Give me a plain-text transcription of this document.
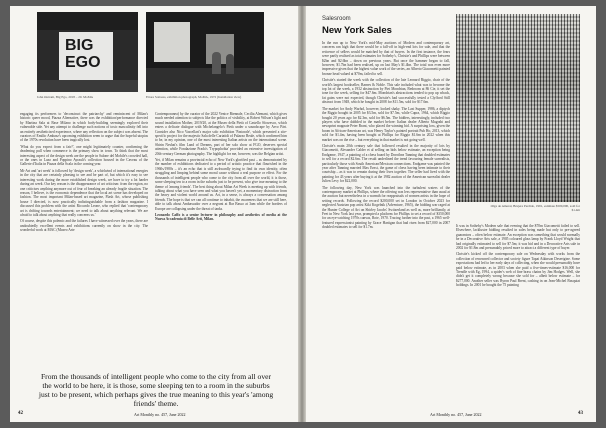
BIG
EGO
John Outram, Big Ego, 2018 – 20. MoMA	Ettore Sottsass, exhibition photograph, MoMA, 1972 (Installation view)

engaging its performers to 'deconstruct the patriarchy' and reminiscent of Milan's historic queer mood, Piazza Alternative, there was the exhibition/performance directed by Martina Sala at Base Milano in which body-building seemingly explored their vulnerable side. Yet any attempt to challenge such notions of toxic masculinity fell into an entirely aestheticised experience, where any reflection on the subject was absent. The curators of Emilio Ambasz's upcoming exhibition seem to argue that the hopeful utopias of the 1970s revolution have been tragically lost.

'What do you expect from a fair?', one might legitimately counter, confirming the deadening pull when commerce is the primary show in town. To think that the most interesting aspect of the design week are the people in Salone del Mobile's crowded hall, or the ones in Lazo and Poppino Ayrault's collection housed in the Caveau of the Gallerie d'Italia in Piazza della Scala in the coming year.

Mi-Art and 'art week' is followed by 'design week', a whirlwind of international energies in the city that are certainly pleasing to see and be part of, but which it's easy to see interesting work during the more established design week, we have to try a lot harder during art week. Our key reason is the disappearance of art criticism: from the region, no one criticises anything anymore out of fear of breaking an already fragile situation. The reason, I believe, is the economic dependence that the local art scene has developed on fashion. The most important Milan-based art magazine, Flash Art, whose publishing house I directed, is now practically indistinguishable from a fashion magazine. I discussed this problem with the artist Riccardo Leone, who replied that 'contemporary art is drifting towards entertainment; we need to talk about anything relevant. We are afraid to talk about anything that really concerns us.'

Of course, despite this polemic and the failures I have witnessed over the years, there are undoubtedly excellent events and exhibitions currently on show in the city. The wonderful work at MAC (Museo Arte

Contemporanea) by the curator of the 2022 Venice Biennale, Cecilia Alemani, which gives much needed attention to subjects like the politics of visibility, at Robert Wilson's light and sound installation Mother, 2019/20, at the Museo della Pietà of Castello Sforzesco, which enters a delicate dialogue with Michelangelo's Pietà under a soundscape by Arvo Pärt. Consider also Nico Vascellari's major solo exhibition 'Pastorale', which presented a site-specific project for the majestic Sala delle Cariatidi of Palazzo Reale, which confirmed him to be, in my opinion, one of the most interesting Italian artists on the international scene. Shirin Neshat's film Land of Dreams, part of her solo show at FGO, deserves special attention, while Fondazione Prada's 'Trypophobia' provided an extensive investigation of 20th-century German photography. The highlight for me, however, was the Belgian artist.

Yet, if Milan remains a provincial echo of New York's glorified past – as demonstrated by the number of exhibitions dedicated to a period of artistic practice that flourished in the 1960s/1980s – it's an echo that is still awkwardly trying to find its own identity, often struggling and limping behind some moral cause without a real purpose or effect. For the thousands of intelligent people who come to the city from all over the world, it is those, some sleeping ten to a room in the suburbs just to be present, who give true meaning to the theme of 'among friends'. The best thing about Milan Art Week is meeting up with friends, talking about what you have seen and what you haven't yet, a momentary distraction from the heavy and violent world around us. Art, in a sense, is always a conversation among friends. The hope is that we can all continue to inhabit, the awareness that we are still here, able to talk about Ambassador over a negroni at Bar Basso at 3am while the borders of Europe are collapsing under the threat of tanks.

Leonardo Caffo is a senior lecturer in philosophy and aesthetics of media at the Nuova Accademia di Belle Arti, Milan.

From the thousands of intelligent people who come to the city from all over the world to be here, it is those, some sleeping ten to a room in the suburbs just to be present, which perhaps gives the true meaning to this year's 'among friends' theme.
42	Art Monthly no. 457, June 2022
Salesroom
New York Sales

In the run up to New York's mid-May auctions of Modern and contemporary art, concerns ran high that there would be a fall-off in high-end lots for sale, and that the reticence of sellers would be matched by that of buyers. In the first instance, the fears were partly realised as total estimates for Sotheby's, Christie's and Phillips were between $2bn and $2.6bn – down on previous years. But once the hammer began to fall, however, $1.7bn had been realised, up on last May's $1.4bn. The total was even more impressive given that the highest value work of the series, an Alberto Giacometti painted bronze head valued at $70m, failed to sell.

Christie's started the week with the collection of the late Leonard Riggio, chair of the world's largest bookseller, Barnes & Noble. This sale included what was to become the top lot of the week, a 1932 abstraction by Piet Mondrian, Bedroom at 86 Cie, it set the tone for the week, selling for $47.6m. Mondrian's abstractions tended to pop up whack, fat gains were not expected, though Christie's had successfully tested a Clyfford Still abstract from 1948, which he bought in 2008 for $11.5m, sold for $17.6m.

The market for Andy Warhol, however, looked shaky. The Last Supper, 1986, a diptych the Riggio bought in 2005 for $3.5m, sold for $7.5m, while Capra, 1964, which Riggio bought 20 years ago for $2.3m, sold for $6.5m. The bidders, interestingly, included two players who have dabbled in the market before: Italian dealer Alberto Mugrabi and newsprint magnate Peter Brant, who placed the winning bid. A surprising loss, given the boom in African-American art, was Henry Taylor's painted portrait Pub Ho, 2013, which sold for $1.4m, having been bought at Phillips for Riggio $1.6m in 2022 when this market was on the rise – but everything in that market is not going well.

Christie's main 20th century sale that followed resulted in the majority of lots by Giacometti, Alexander Calder et al selling on bids below estimate, an exception being Endgame, 1947, a painting of a chess board by Dorothea Tanning that doubled estimates to sell for a record $2.6m. The result underlined the trend favouring female surrealists, particularly those with South American/Mexican connections. Endgame was painted the year after Tanning married Max Ernst, the game of chess having been intimate to their courtship – as it was to remain during their lives together. The seller had lived with the painting for 43 years after buying it at the 1982 auction of the American surrealist dealer Julien Levy for $22,000.

The following day, New York was launched into the turbulent waters of the contemporary market at Phillips, where the offering was less representative than usual at the auction but nevertheless in a warmth for reappraisals of women artists in the hope of setting records. Following the record $200,000 set in London in October 2023 for neglected Austrian pop artist Kiki Kogelnik (Adventure, 1965), the bidding war raged at the Hunter College of Art on Shirley Jacobs' Switzerland as well as, more brilliantly, at Feet in New York last year, prompted a platform for Phillips to set a record of $350,000 for an eye-catching 1970s canvas, Rote, 1970. Tracing further into the past, a 1965 well-featured expressionist painting by Grace Hartigan that had risen from $27,000 in 2007 doubled estimates to sell for $1.7m.

Olga de Amaral, Brujera Perdido, 1991, estimate $500,000, sold for $1.4m

It was in Sotheby's Modern sale that evening that the $70m Giacometti failed to sell. Elsewhere, lacklustre bidding resulted in sales being made but only to pre-agreed guarantors – often below estimate. An exception was something that would normally be in a Decorative Arts sale, a 1905 coloured glass lamp by Frank Lloyd Wright that had originally estimated to sell for $7.5m; it was bid and in a Decorative Arts sale in 2002 for $1.8m and presumably priced more to attract a different type of buyer.

Christie's kicked off the contemporary sale on Wednesday with works from the collection of renowned collector and society figure Tapai Atkinson Desertgine. Some expectations had led to her early days of collecting, when she would presumably have paid below estimate, as in 2003 when she paid a five-times-estimate $16,000 for Trendle with Eg, 1994, a spider's web of fine brass chains by Jim Hodges. Well, she didn't get it completely wrong because she sold for – albeit below estimate – for $277,000. Another seller was Byron Paul Brent, cashing in on Jean-Michel Basquiat holdings. In 2001 he bought the 75 painting

Art Monthly no. 457, June 2022	43
